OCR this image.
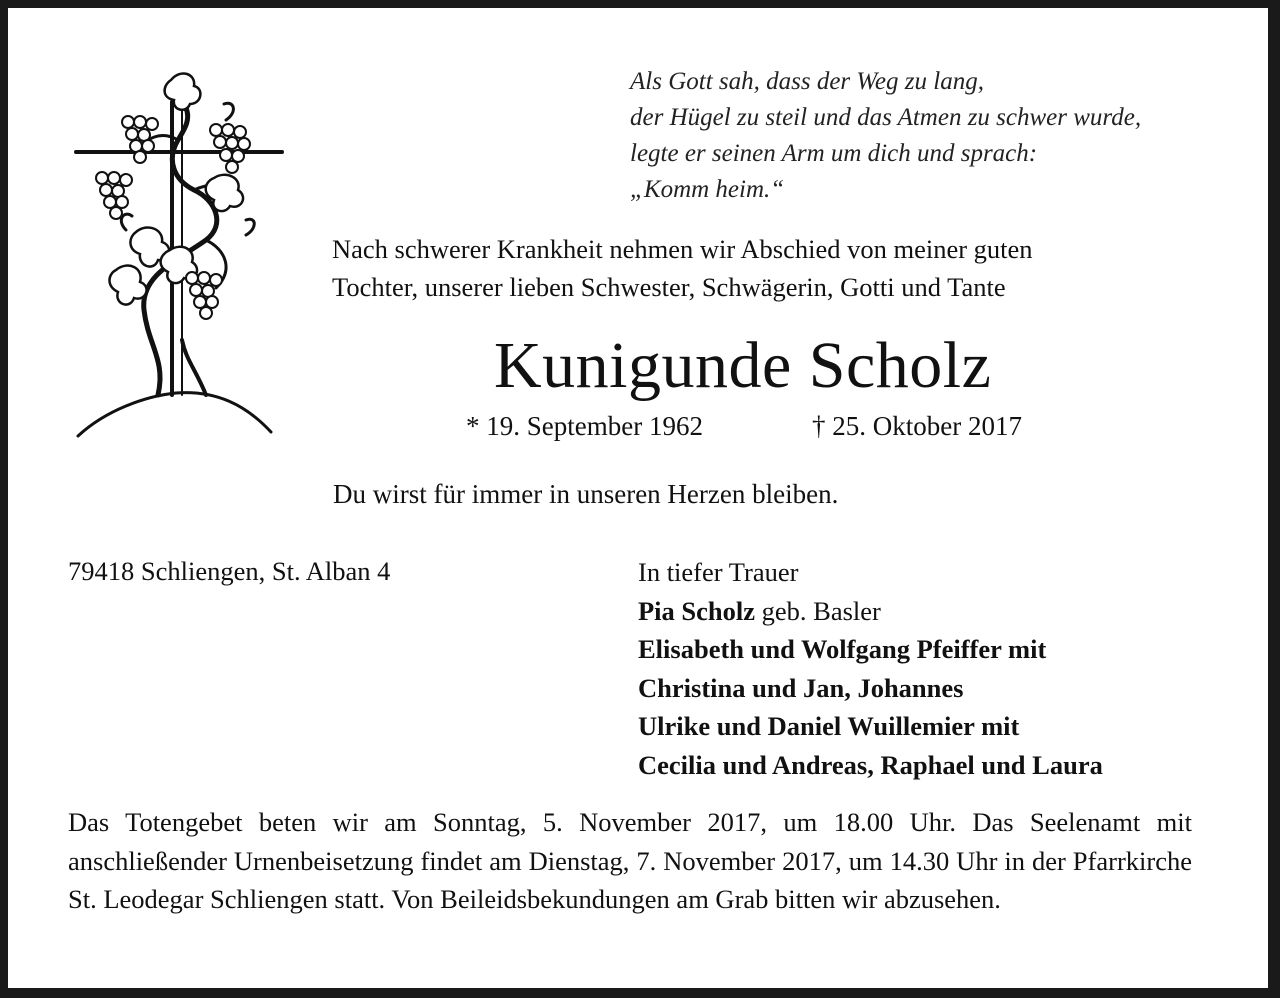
Als Gott sah, dass der Weg zu lang,
der Hügel zu steil und das Atmen zu schwer wurde,
legte er seinen Arm um dich und sprach:
„Komm heim.“
Nach schwerer Krankheit nehmen wir Abschied von meiner guten
Tochter, unserer lieben Schwester, Schwägerin, Gotti und Tante
Kunigunde Scholz
* 19. September 1962	† 25. Oktober 2017
Du wirst für immer in unseren Herzen bleiben.
79418 Schliengen, St. Alban 4	In tiefer Trauer
Pia Scholz geb. Basler
Elisabeth und Wolfgang Pfeiffer mit
Christina und Jan, Johannes
Ulrike und Daniel Wuillemier mit
Cecilia und Andreas, Raphael und Laura
Das Totengebet beten wir am Sonntag, 5. November 2017, um 18.00 Uhr. Das Seelenamt mit anschließender Urnenbeisetzung findet am Dienstag, 7. November 2017, um 14.30 Uhr in der Pfarrkirche St. Leodegar Schliengen statt. Von Beileidsbekundungen am Grab bitten wir abzusehen.
